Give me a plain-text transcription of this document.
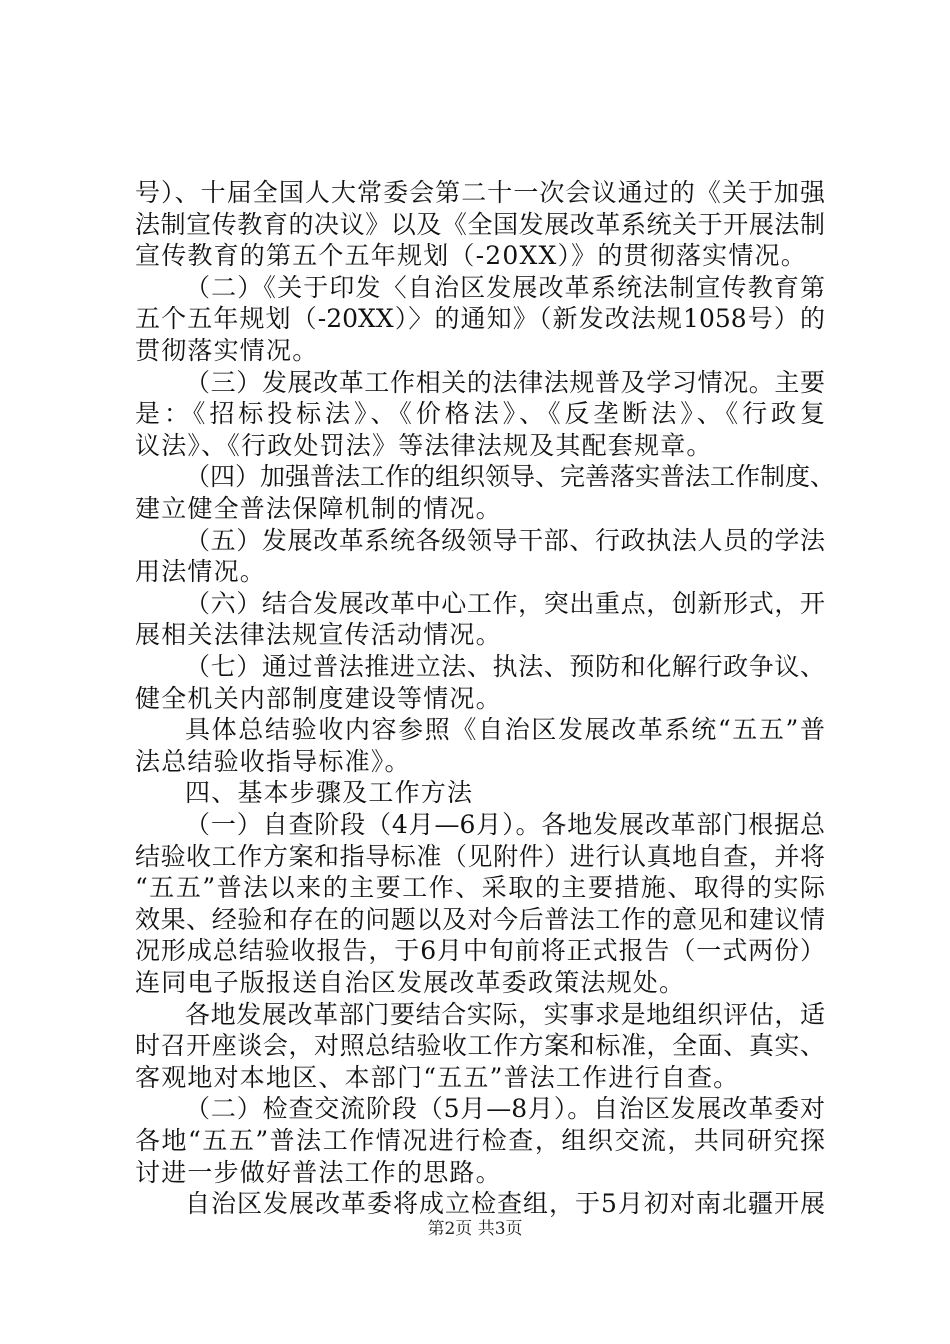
号）、十届全国人大常委会第二十一次会议通过的《关于加强
法制宣传教育的决议》以及《全国发展改革系统关于开展法制
宣传教育的第五个五年规划（-20XX）》的贯彻落实情况。
（二）《关于印发〈自治区发展改革系统法制宣传教育第
五个五年规划（-20XX）〉的通知》（新发改法规1058号）的
贯彻落实情况。
（三）发展改革工作相关的法律法规普及学习情况。主要
是：《招标投标法》、《价格法》、《反垄断法》、《行政复
议法》、《行政处罚法》等法律法规及其配套规章。
（四）加强普法工作的组织领导、完善落实普法工作制度、
建立健全普法保障机制的情况。
（五）发展改革系统各级领导干部、行政执法人员的学法
用法情况。
（六）结合发展改革中心工作，突出重点，创新形式，开
展相关法律法规宣传活动情况。
（七）通过普法推进立法、执法、预防和化解行政争议、
健全机关内部制度建设等情况。
具体总结验收内容参照《自治区发展改革系统“五五”普
法总结验收指导标准》。
四、基本步骤及工作方法
（一）自查阶段（4月—6月）。各地发展改革部门根据总
结验收工作方案和指导标准（见附件）进行认真地自查，并将
“五五”普法以来的主要工作、采取的主要措施、取得的实际
效果、经验和存在的问题以及对今后普法工作的意见和建议情
况形成总结验收报告，于6月中旬前将正式报告（一式两份）
连同电子版报送自治区发展改革委政策法规处。
各地发展改革部门要结合实际，实事求是地组织评估，适
时召开座谈会，对照总结验收工作方案和标准，全面、真实、
客观地对本地区、本部门“五五”普法工作进行自查。
（二）检查交流阶段（5月—8月）。自治区发展改革委对
各地“五五”普法工作情况进行检查，组织交流，共同研究探
讨进一步做好普法工作的思路。
自治区发展改革委将成立检查组，于5月初对南北疆开展
第2页 共3页
